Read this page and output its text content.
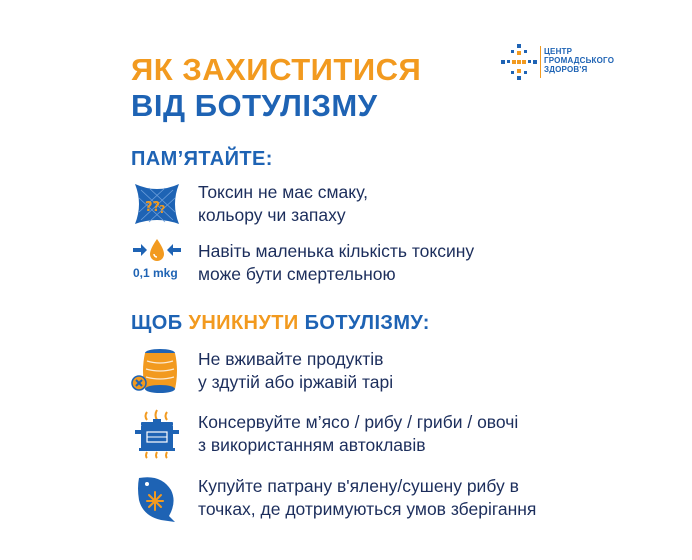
ЯК ЗАХИСТИТИСЯ
ВІД БОТУЛІЗМУ
ЦЕНТР
ГРОМАДСЬКОГО
ЗДОРОВ'Я
ПАМ’ЯТАЙТЕ:
??
?
Токсин не має смаку,
кольору чи запаху
0,1 mkg
Навіть маленька кількість токсину
може бути смертельною
ЩОБ УНИКНУТИ БОТУЛІЗМУ:
Не вживайте продуктів
у здутій або іржавій тарі
Консервуйте м’ясо / рибу / гриби / овочі
з використанням автоклавів
Купуйте патрану в'ялену/сушену рибу в
точках, де дотримуються умов зберігання
